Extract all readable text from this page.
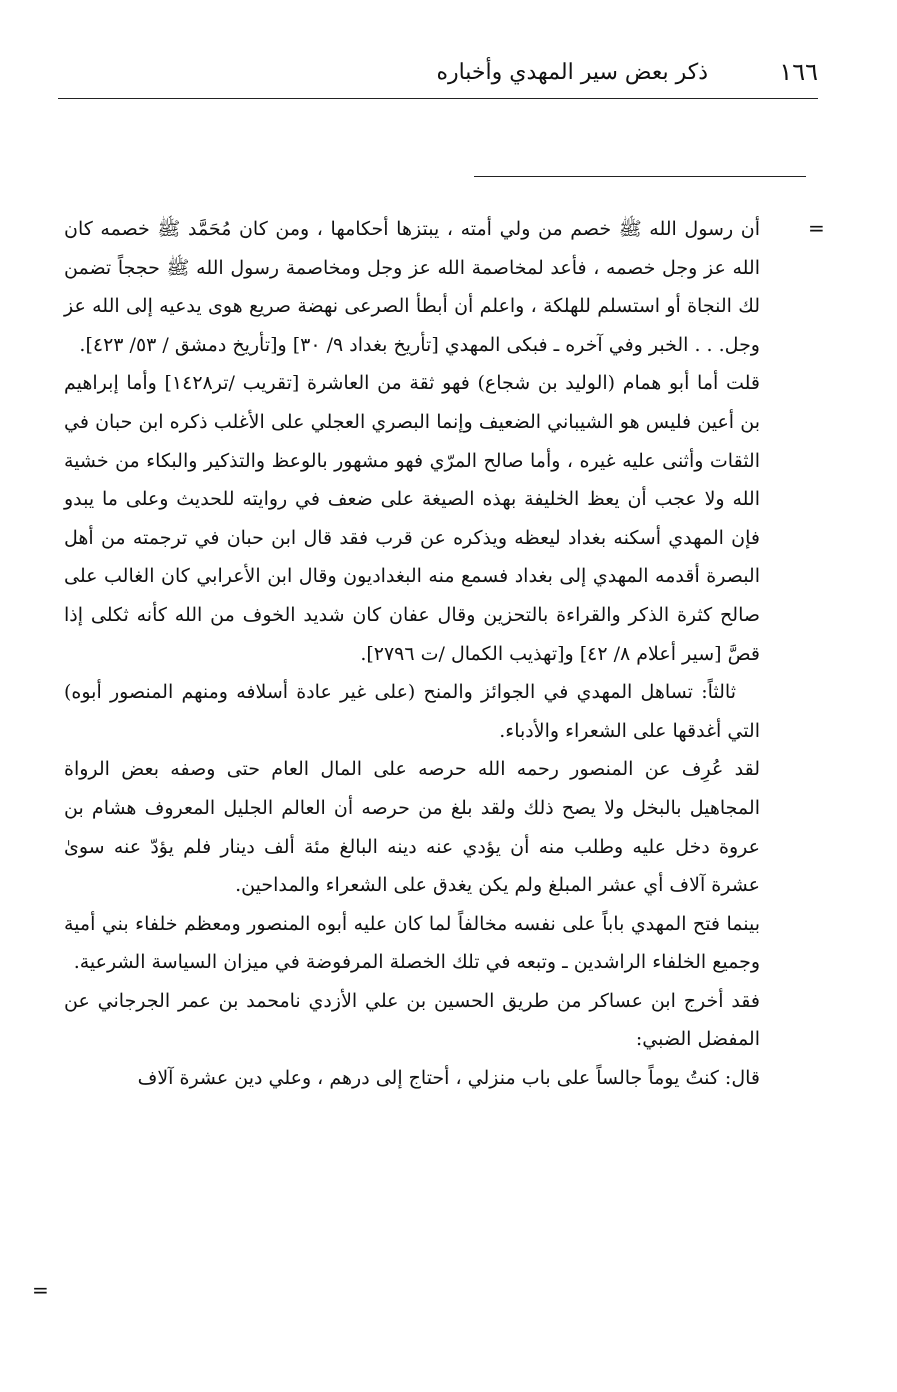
١٦٦
ذكر بعض سير المهدي وأخباره
=

أن رسول الله ﷺ خصم من ولي أمته ، يبتزها أحكامها ، ومن كان مُحَمَّد ﷺ خصمه كان الله عز وجل خصمه ، فأعد لمخاصمة الله عز وجل ومخاصمة رسول الله ﷺ حججاً تضمن لك النجاة أو استسلم للهلكة ، واعلم أن أبطأ الصرعى نهضة صريع هوى يدعيه إلى الله عز وجل. . . الخبر وفي آخره ـ فبكى المهدي [تأريخ بغداد ٩/ ٣٠] و[تأريخ دمشق / ٥٣/ ٤٢٣].

قلت أما أبو همام (الوليد بن شجاع) فهو ثقة من العاشرة [تقريب /تر١٤٢٨] وأما إبراهيم بن أعين فليس هو الشيباني الضعيف وإنما البصري العجلي على الأغلب ذكره ابن حبان في الثقات وأثنى عليه غيره ، وأما صالح المرّي فهو مشهور بالوعظ والتذكير والبكاء من خشية الله ولا عجب أن يعظ الخليفة بهذه الصيغة على ضعف في روايته للحديث وعلى ما يبدو فإن المهدي أسكنه بغداد ليعظه ويذكره عن قرب فقد قال ابن حبان في ترجمته من أهل البصرة أقدمه المهدي إلى بغداد فسمع منه البغداديون وقال ابن الأعرابي كان الغالب على صالح كثرة الذكر والقراءة بالتحزين وقال عفان كان شديد الخوف من الله كأنه ثكلى إذا قصَّ [سير أعلام ٨/ ٤٢] و[تهذيب الكمال /ت ٢٧٩٦].

ثالثاً: تساهل المهدي في الجوائز والمنح (على غير عادة أسلافه ومنهم المنصور أبوه) التي أغدقها على الشعراء والأدباء.

لقد عُرِف عن المنصور رحمه الله حرصه على المال العام حتى وصفه بعض الرواة المجاهيل بالبخل ولا يصح ذلك ولقد بلغ من حرصه أن العالم الجليل المعروف هشام بن عروة دخل عليه وطلب منه أن يؤدي عنه دينه البالغ مئة ألف دينار فلم يؤدّ عنه سوىٰ عشرة آلاف أي عشر المبلغ ولم يكن يغدق على الشعراء والمداحين.

بينما فتح المهدي باباً على نفسه مخالفاً لما كان عليه أبوه المنصور ومعظم خلفاء بني أمية وجميع الخلفاء الراشدين ـ وتبعه في تلك الخصلة المرفوضة في ميزان السياسة الشرعية.

فقد أخرج ابن عساكر من طريق الحسين بن علي الأزدي نامحمد بن عمر الجرجاني عن المفضل الضبي:

قال: كنتُ يوماً جالساً على باب منزلي ، أحتاج إلى درهم ، وعلي دين عشرة آلاف

=
